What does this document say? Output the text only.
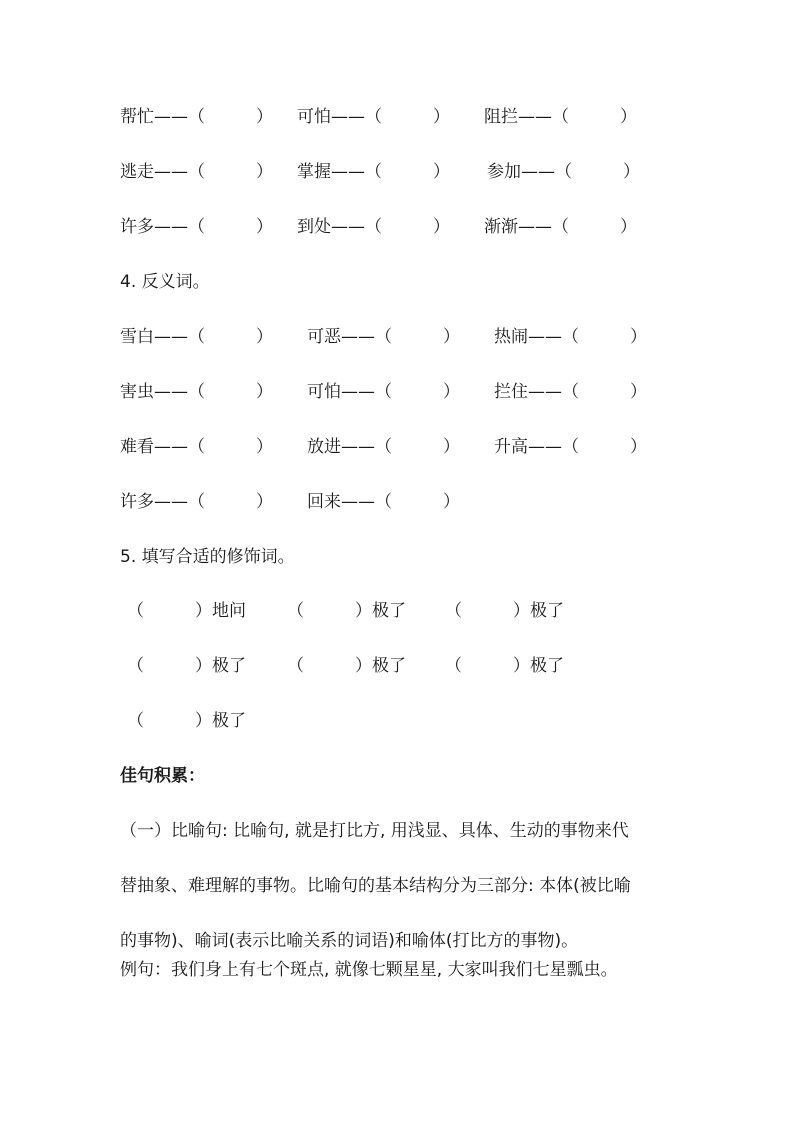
帮忙——（　　　） 可怕——（　　　） 阻拦——（　　　）
逃走——（　　　） 掌握——（　　　） 参加——（　　　）
许多——（　　　） 到处——（　　　） 渐渐——（　　　）
4. 反义词。
雪白——（　　　） 可恶——（　　　） 热闹——（　　　）
害虫——（　　　） 可怕——（　　　） 拦住——（　　　）
难看——（　　　） 放进——（　　　） 升高——（　　　）
许多——（　　　） 回来——（　　　）
5. 填写合适的修饰词。
（　　　）地问 （　　　）极了 （　　　）极了
（　　　）极了 （　　　）极了 （　　　）极了
（　　　）极了
佳句积累：
（一）比喻句: 比喻句, 就是打比方, 用浅显、具体、生动的事物来代
替抽象、难理解的事物。比喻句的基本结构分为三部分: 本体(被比喻
的事物)、喻词(表示比喻关系的词语)和喻体(打比方的事物)。
例句：我们身上有七个斑点, 就像七颗星星, 大家叫我们七星瓢虫。
